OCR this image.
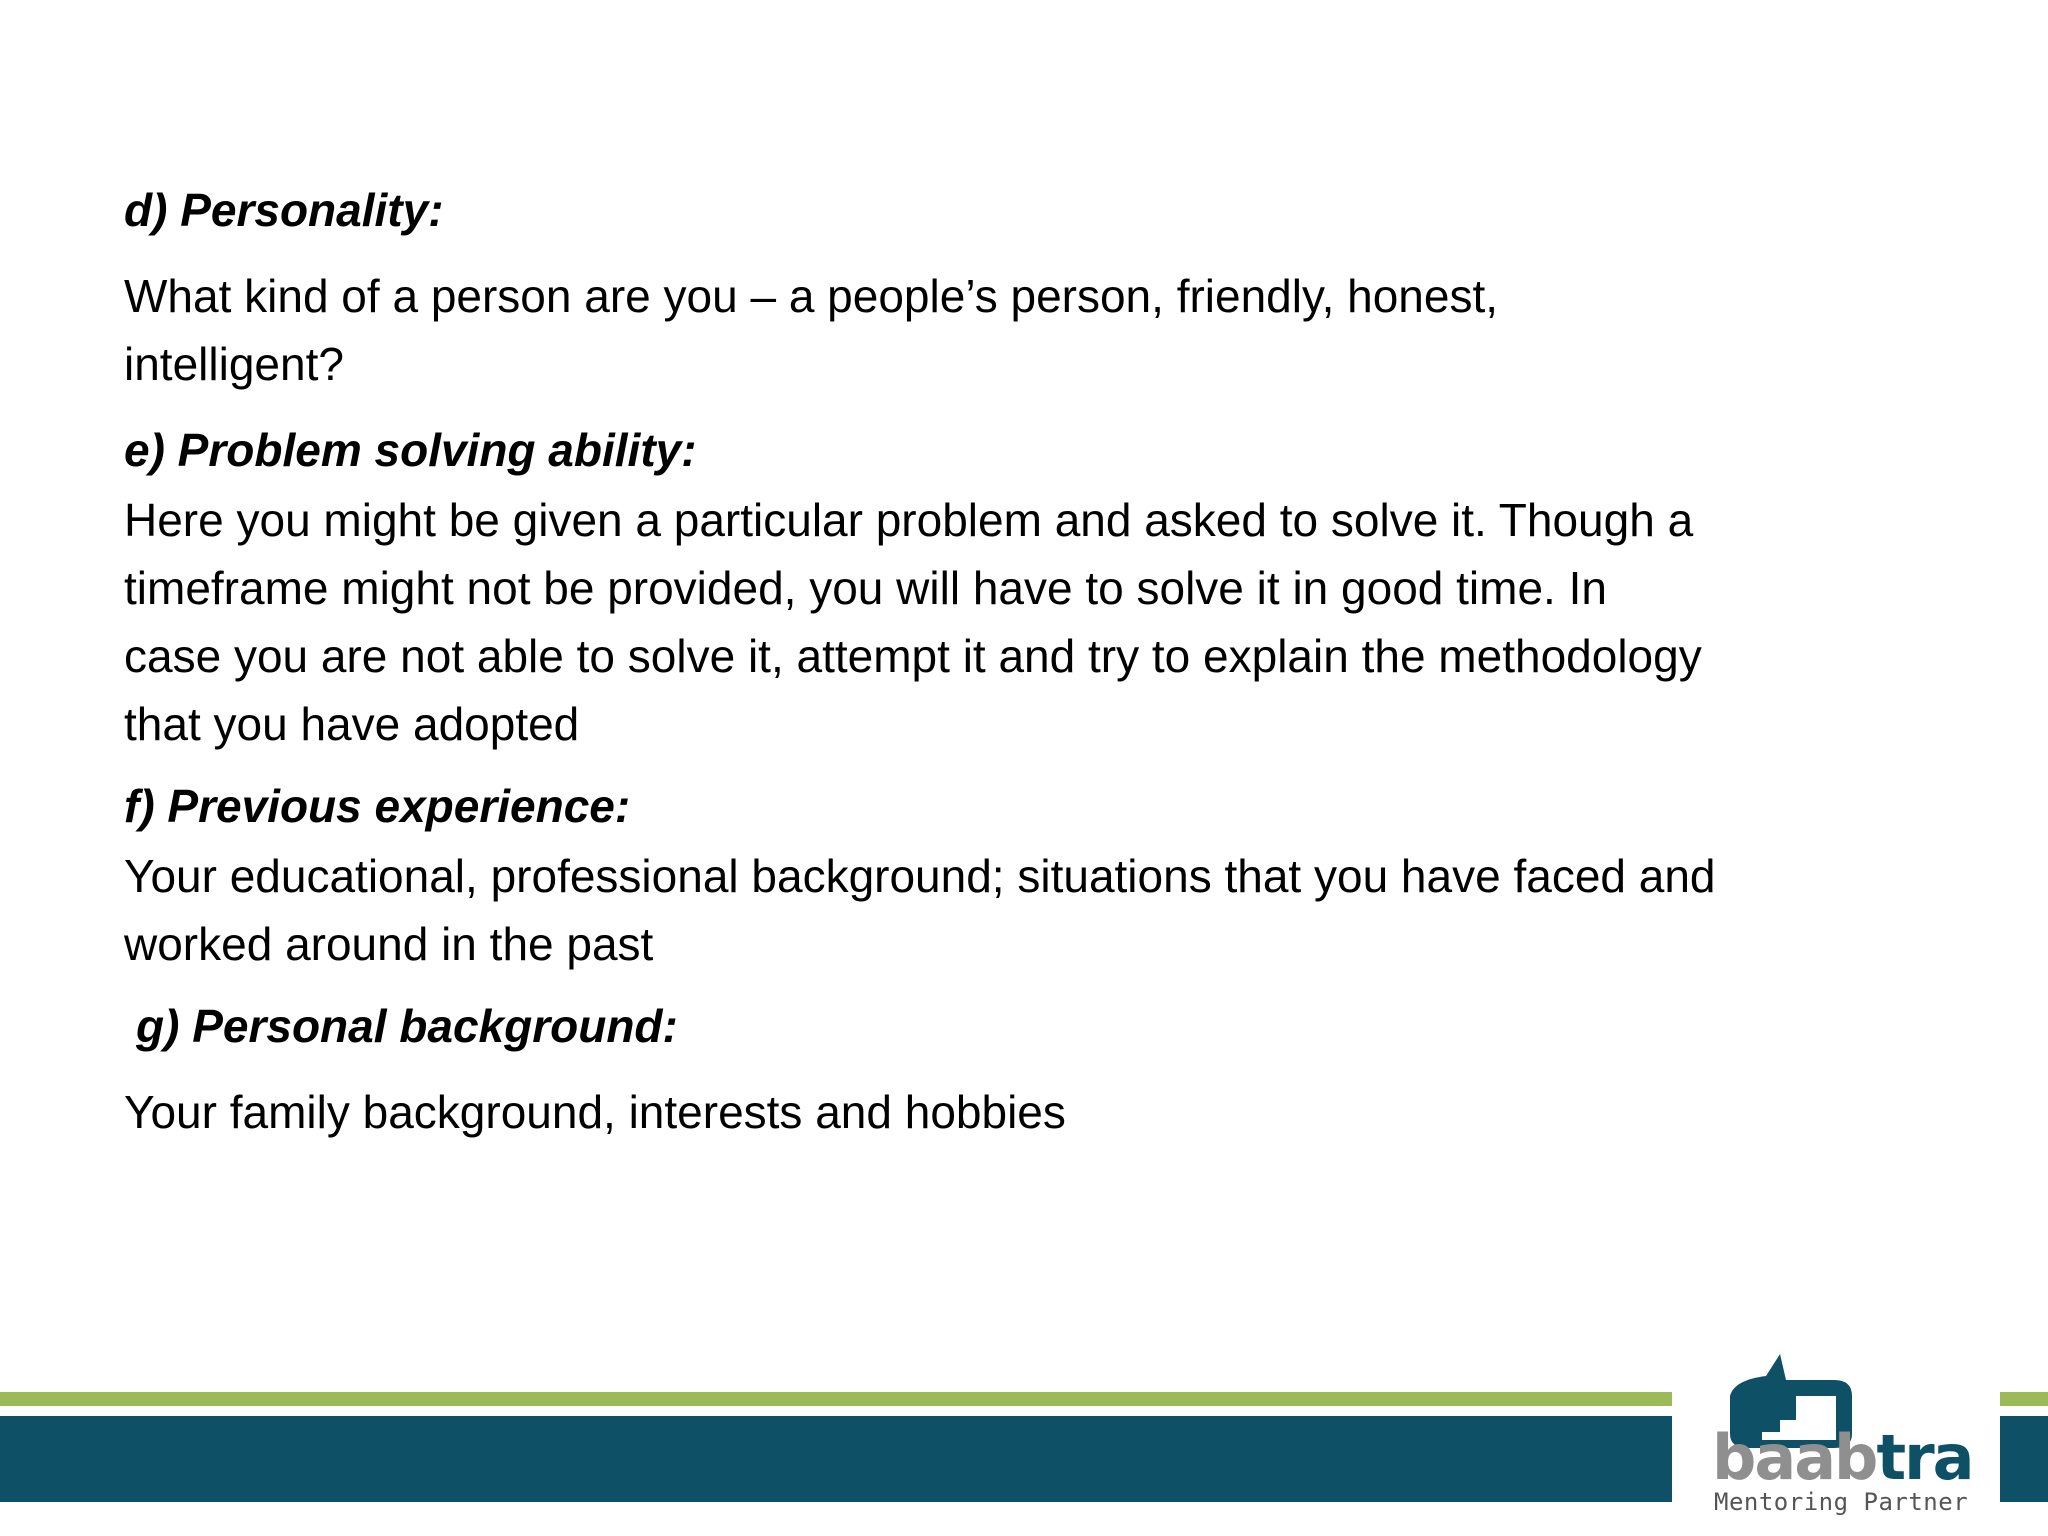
d) Personality:

What kind of a person are you – a people’s person, friendly, honest,
intelligent?

e) Problem solving ability:

Here you might be given a particular problem and asked to solve it. Though a
timeframe might not be provided, you will have to solve it in good time. In
case you are not able to solve it, attempt it and try to explain the methodology
that you have adopted

f) Previous experience:

Your educational, professional background; situations that you have faced and
worked around in the past

g) Personal background:

Your family background, interests and hobbies
baabtra
Mentoring Partner
